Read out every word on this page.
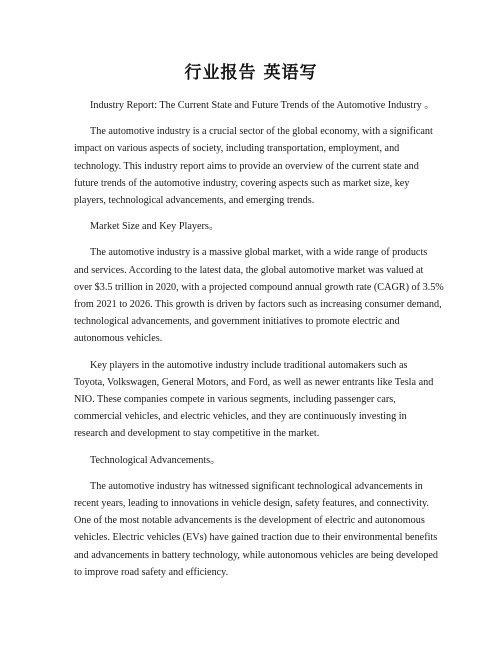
行业报告 英语写

Industry Report: The Current State and Future Trends of the Automotive Industry 。

The automotive industry is a crucial sector of the global economy, with a significant
impact on various aspects of society, including transportation, employment, and
technology. This industry report aims to provide an overview of the current state and
future trends of the automotive industry, covering aspects such as market size, key
players, technological advancements, and emerging trends.

Market Size and Key Players。

The automotive industry is a massive global market, with a wide range of products
and services. According to the latest data, the global automotive market was valued at
over $3.5 trillion in 2020, with a projected compound annual growth rate (CAGR) of 3.5%
from 2021 to 2026. This growth is driven by factors such as increasing consumer demand,
technological advancements, and government initiatives to promote electric and
autonomous vehicles.

Key players in the automotive industry include traditional automakers such as
Toyota, Volkswagen, General Motors, and Ford, as well as newer entrants like Tesla and
NIO. These companies compete in various segments, including passenger cars,
commercial vehicles, and electric vehicles, and they are continuously investing in
research and development to stay competitive in the market.

Technological Advancements。

The automotive industry has witnessed significant technological advancements in
recent years, leading to innovations in vehicle design, safety features, and connectivity.
One of the most notable advancements is the development of electric and autonomous
vehicles. Electric vehicles (EVs) have gained traction due to their environmental benefits
and advancements in battery technology, while autonomous vehicles are being developed
to improve road safety and efficiency.
